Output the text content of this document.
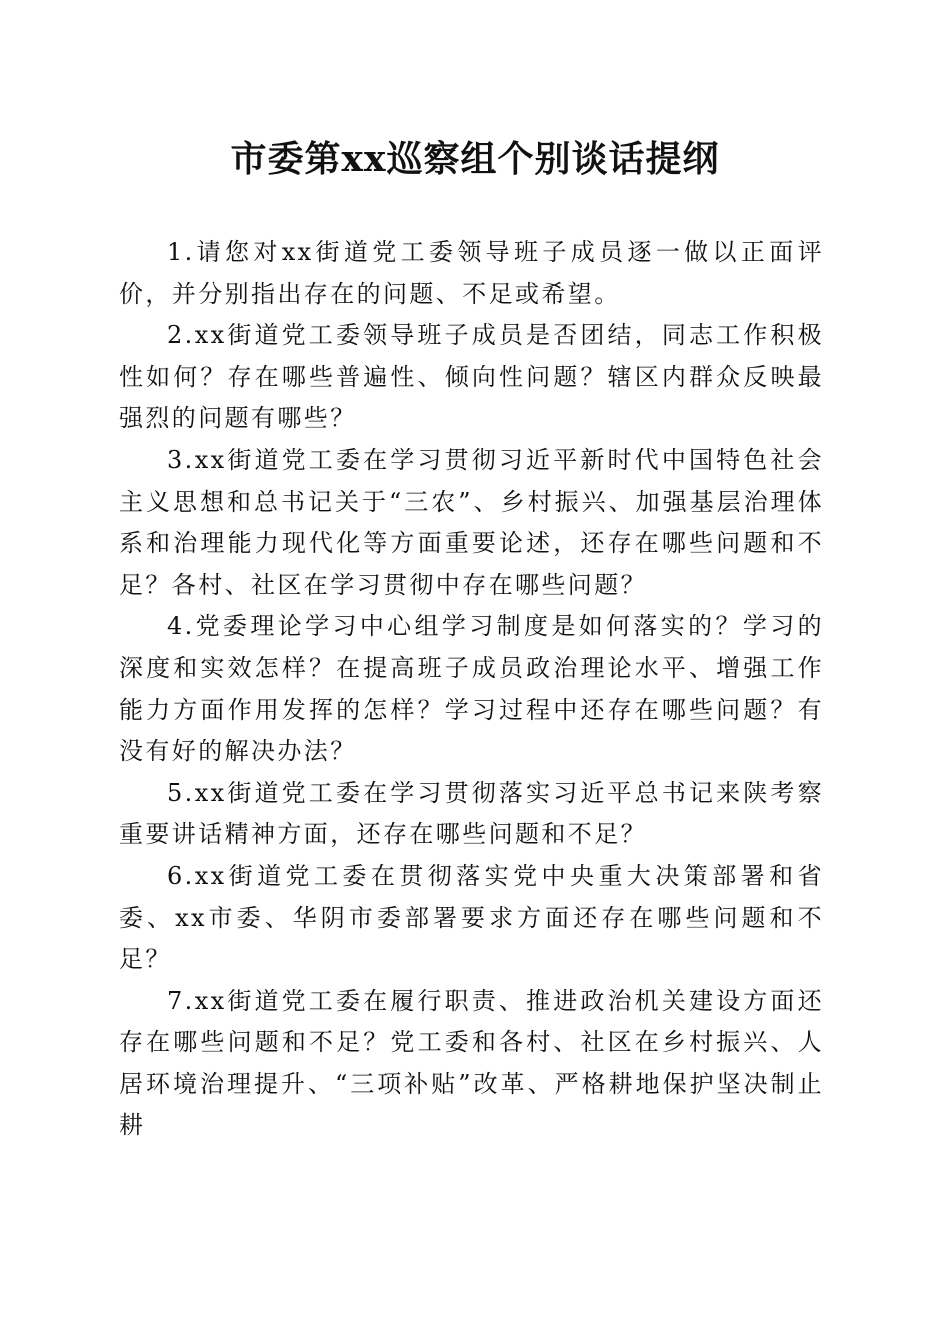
市委第xx巡察组个别谈话提纲

1.请您对xx街道党工委领导班子成员逐一做以正面评价，并分别指出存在的问题、不足或希望。

2.xx街道党工委领导班子成员是否团结，同志工作积极性如何？存在哪些普遍性、倾向性问题？辖区内群众反映最强烈的问题有哪些？

3.xx街道党工委在学习贯彻习近平新时代中国特色社会主义思想和总书记关于“三农”、乡村振兴、加强基层治理体系和治理能力现代化等方面重要论述，还存在哪些问题和不足？各村、社区在学习贯彻中存在哪些问题？

4.党委理论学习中心组学习制度是如何落实的？学习的深度和实效怎样？在提高班子成员政治理论水平、增强工作能力方面作用发挥的怎样？学习过程中还存在哪些问题？有没有好的解决办法？

5.xx街道党工委在学习贯彻落实习近平总书记来陕考察重要讲话精神方面，还存在哪些问题和不足？

6.xx街道党工委在贯彻落实党中央重大决策部署和省委、xx市委、华阴市委部署要求方面还存在哪些问题和不足？

7.xx街道党工委在履行职责、推进政治机关建设方面还存在哪些问题和不足？党工委和各村、社区在乡村振兴、人居环境治理提升、“三项补贴”改革、严格耕地保护坚决制止耕
